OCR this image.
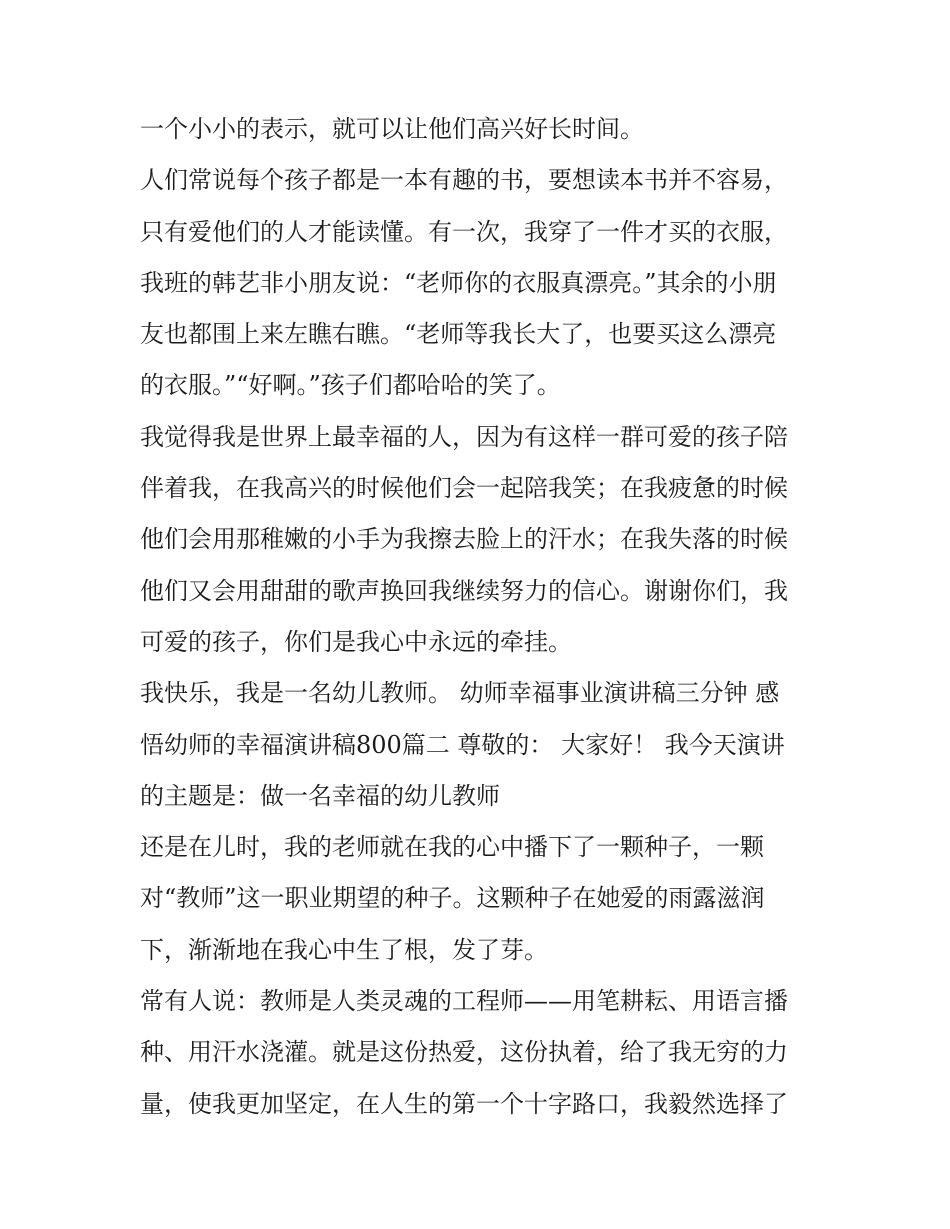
一个小小的表示，就可以让他们高兴好长时间。
人们常说每个孩子都是一本有趣的书，要想读本书并不容易，
只有爱他们的人才能读懂。有一次，我穿了一件才买的衣服，
我班的韩艺非小朋友说：“老师你的衣服真漂亮。”其余的小朋
友也都围上来左瞧右瞧。“老师等我长大了，也要买这么漂亮
的衣服。”“好啊。”孩子们都哈哈的笑了。
我觉得我是世界上最幸福的人，因为有这样一群可爱的孩子陪
伴着我，在我高兴的时候他们会一起陪我笑；在我疲惫的时候
他们会用那稚嫩的小手为我擦去脸上的汗水；在我失落的时候
他们又会用甜甜的歌声换回我继续努力的信心。谢谢你们，我
可爱的孩子，你们是我心中永远的牵挂。
我快乐，我是一名幼儿教师。 幼师幸福事业演讲稿三分钟 感
悟幼师的幸福演讲稿800篇二 尊敬的： 大家好！ 我今天演讲
的主题是：做一名幸福的幼儿教师
还是在儿时，我的老师就在我的心中播下了一颗种子，一颗
对“教师”这一职业期望的种子。这颗种子在她爱的雨露滋润
下，渐渐地在我心中生了根，发了芽。
常有人说：教师是人类灵魂的工程师——用笔耕耘、用语言播
种、用汗水浇灌。就是这份热爱，这份执着，给了我无穷的力
量，使我更加坚定，在人生的第一个十字路口，我毅然选择了
